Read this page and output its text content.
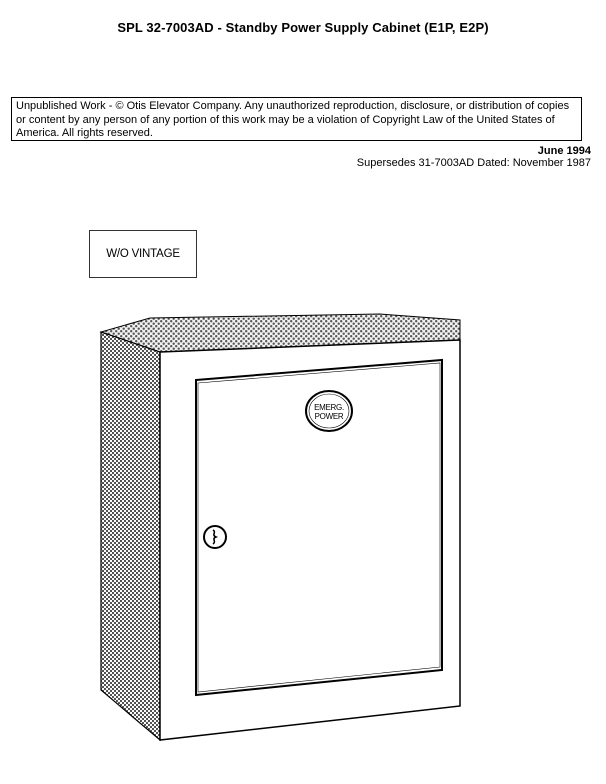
SPL 32-7003AD - Standby Power Supply Cabinet (E1P, E2P)
Unpublished Work - © Otis Elevator Company. Any unauthorized reproduction, disclosure, or distribution of copies or content by any person of any portion of this work may be a violation of Copyright Law of the United States of America. All rights reserved.
June 1994
Supersedes 31-7003AD Dated: November 1987
W/O VINTAGE
EMERG.
POWER
